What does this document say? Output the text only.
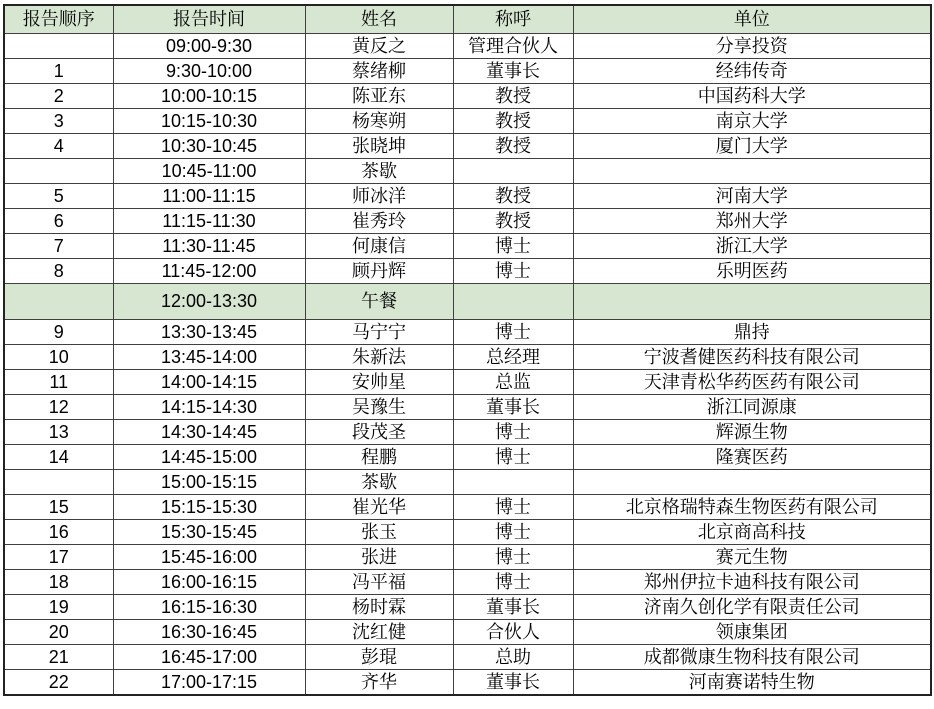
报告顺序	报告时间	姓名	称呼	单位
	09:00-9:30	黄反之	管理合伙人	分享投资
1	9:30-10:00	蔡绪柳	董事长	经纬传奇
2	10:00-10:15	陈亚东	教授	中国药科大学
3	10:15-10:30	杨寒朔	教授	南京大学
4	10:30-10:45	张晓坤	教授	厦门大学
	10:45-11:00	茶歇		
5	11:00-11:15	师冰洋	教授	河南大学
6	11:15-11:30	崔秀玲	教授	郑州大学
7	11:30-11:45	何康信	博士	浙江大学
8	11:45-12:00	顾丹辉	博士	乐明医药
	12:00-13:30	午餐		
9	13:30-13:45	马宁宁	博士	鼎持
10	13:45-14:00	朱新法	总经理	宁波耆健医药科技有限公司
11	14:00-14:15	安帅星	总监	天津青松华药医药有限公司
12	14:15-14:30	吴豫生	董事长	浙江同源康
13	14:30-14:45	段茂圣	博士	辉源生物
14	14:45-15:00	程鹏	博士	隆赛医药
	15:00-15:15	茶歇		
15	15:15-15:30	崔光华	博士	北京格瑞特森生物医药有限公司
16	15:30-15:45	张玉	博士	北京商高科技
17	15:45-16:00	张进	博士	赛元生物
18	16:00-16:15	冯平福	博士	郑州伊拉卡迪科技有限公司
19	16:15-16:30	杨时霖	董事长	济南久创化学有限责任公司
20	16:30-16:45	沈红健	合伙人	领康集团
21	16:45-17:00	彭琨	总助	成都微康生物科技有限公司
22	17:00-17:15	齐华	董事长	河南赛诺特生物
